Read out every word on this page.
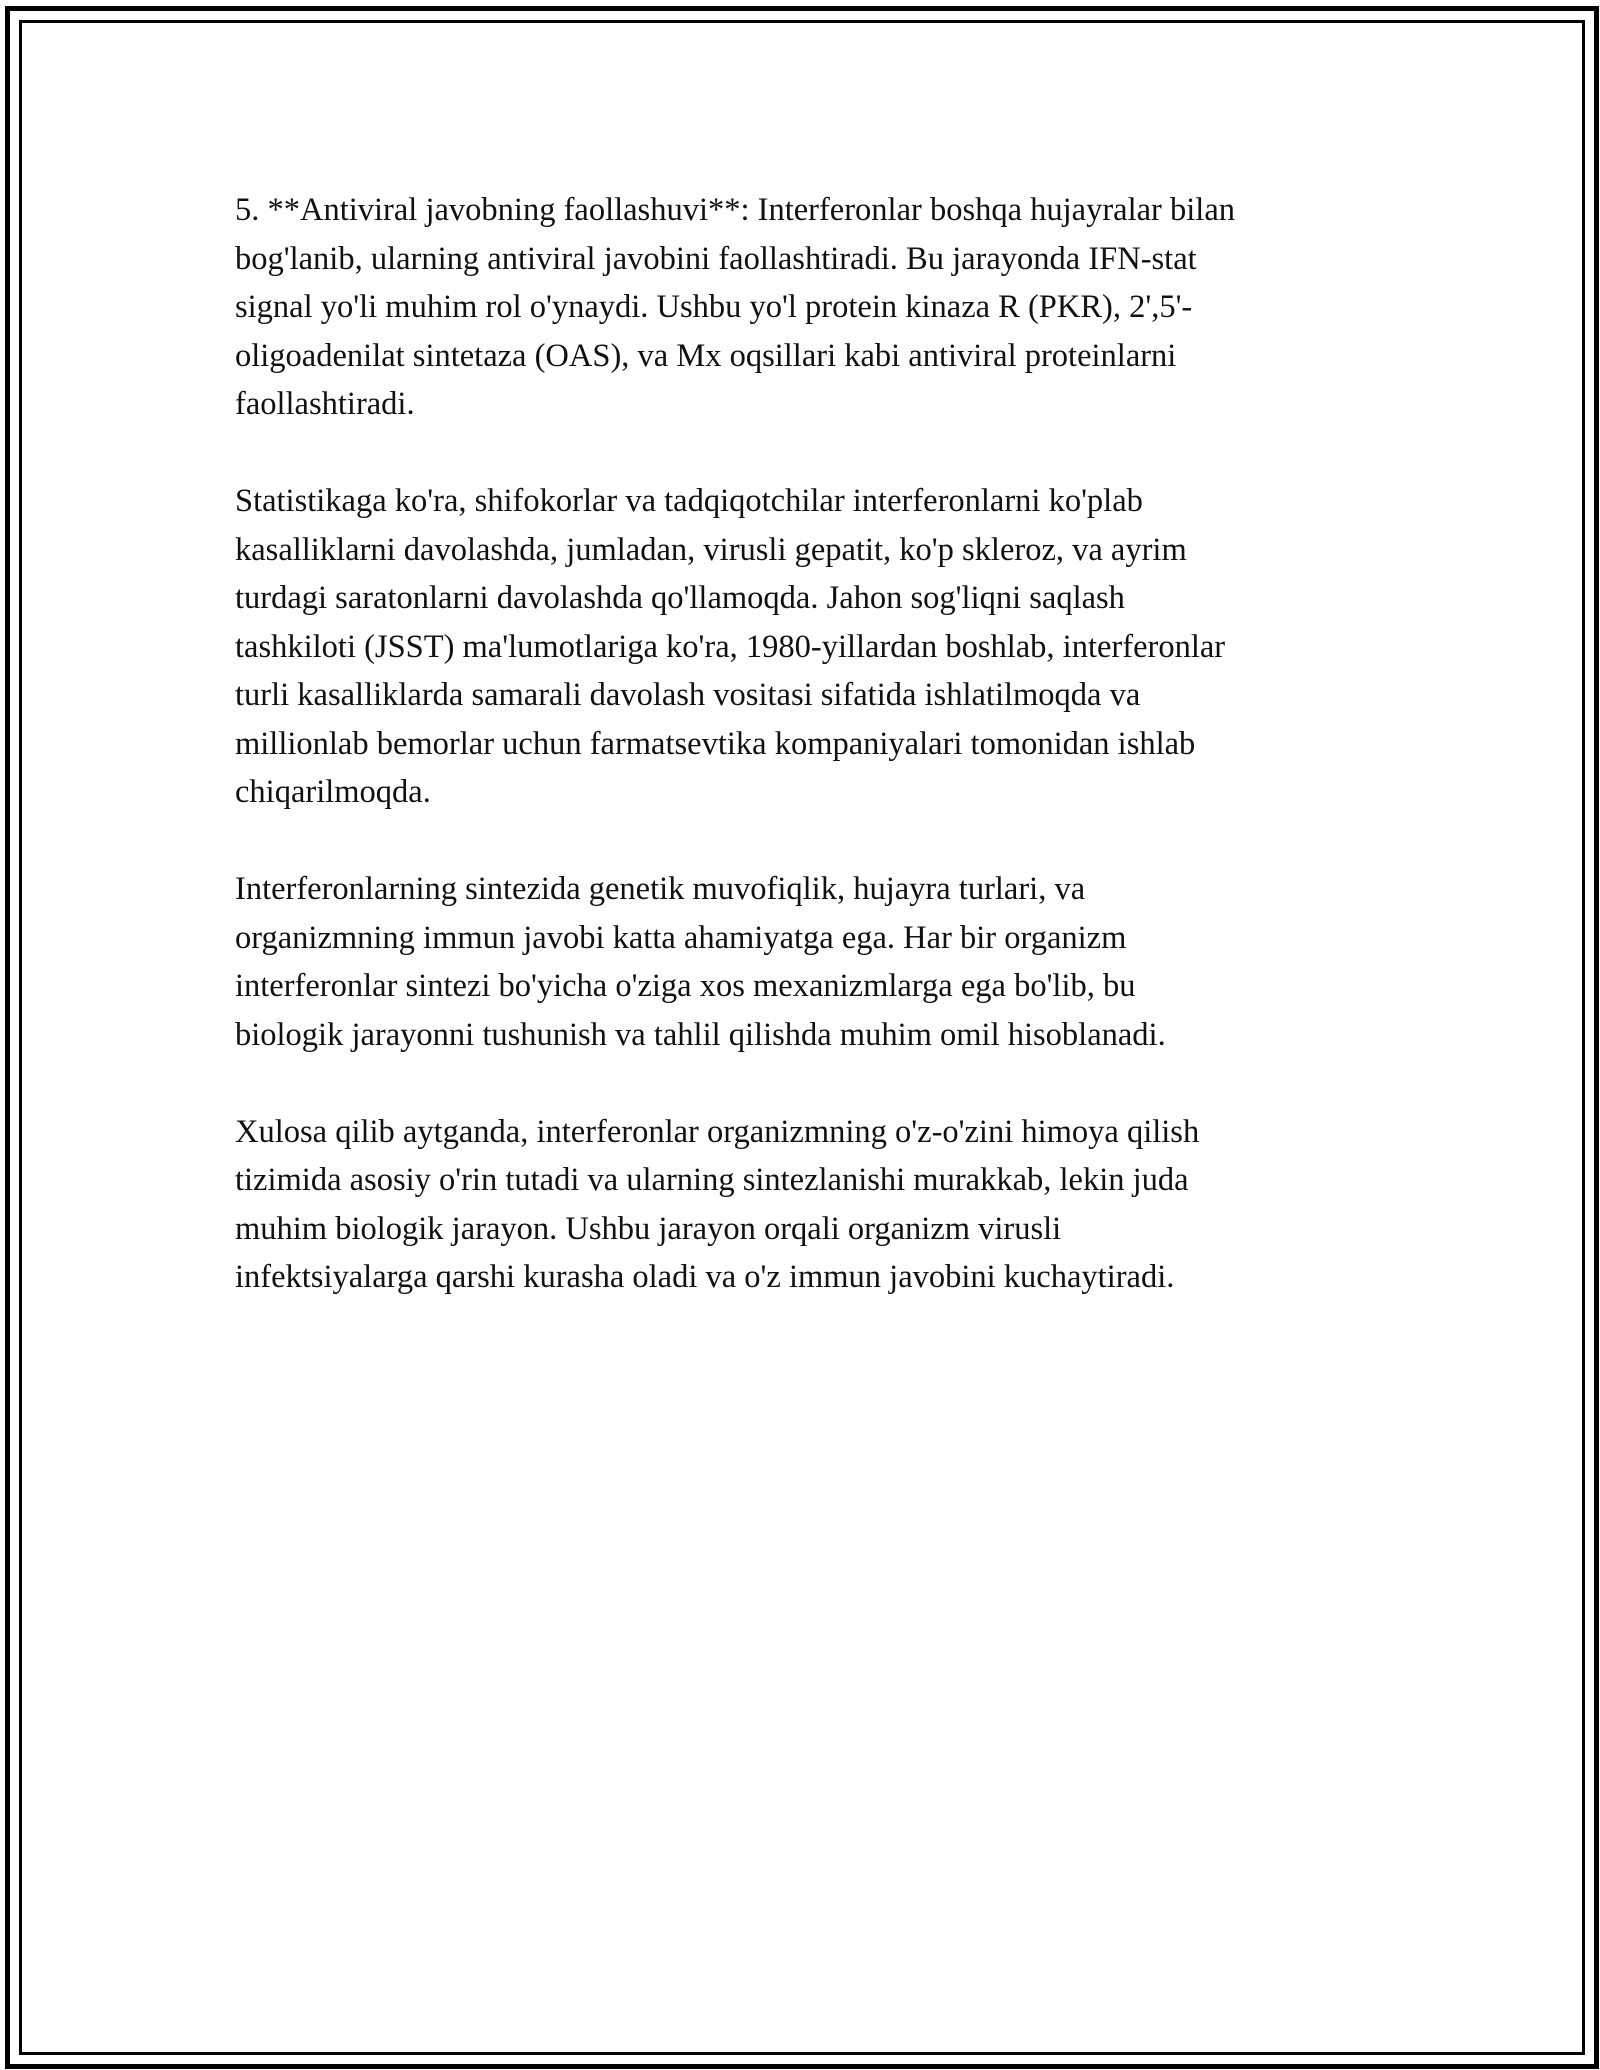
5. **Antiviral javobning faollashuvi**: Interferonlar boshqa hujayralar bilan
bog'lanib, ularning antiviral javobini faollashtiradi. Bu jarayonda IFN-stat
signal yo'li muhim rol o'ynaydi. Ushbu yo'l protein kinaza R (PKR), 2',5'-
oligoadenilat sintetaza (OAS), va Mx oqsillari kabi antiviral proteinlarni
faollashtiradi.

Statistikaga ko'ra, shifokorlar va tadqiqotchilar interferonlarni ko'plab
kasalliklarni davolashda, jumladan, virusli gepatit, ko'p skleroz, va ayrim
turdagi saratonlarni davolashda qo'llamoqda. Jahon sog'liqni saqlash
tashkiloti (JSST) ma'lumotlariga ko'ra, 1980-yillardan boshlab, interferonlar
turli kasalliklarda samarali davolash vositasi sifatida ishlatilmoqda va
millionlab bemorlar uchun farmatsevtika kompaniyalari tomonidan ishlab
chiqarilmoqda.

Interferonlarning sintezida genetik muvofiqlik, hujayra turlari, va
organizmning immun javobi katta ahamiyatga ega. Har bir organizm
interferonlar sintezi bo'yicha o'ziga xos mexanizmlarga ega bo'lib, bu
biologik jarayonni tushunish va tahlil qilishda muhim omil hisoblanadi.

Xulosa qilib aytganda, interferonlar organizmning o'z-o'zini himoya qilish
tizimida asosiy o'rin tutadi va ularning sintezlanishi murakkab, lekin juda
muhim biologik jarayon. Ushbu jarayon orqali organizm virusli
infektsiyalarga qarshi kurasha oladi va o'z immun javobini kuchaytiradi.
